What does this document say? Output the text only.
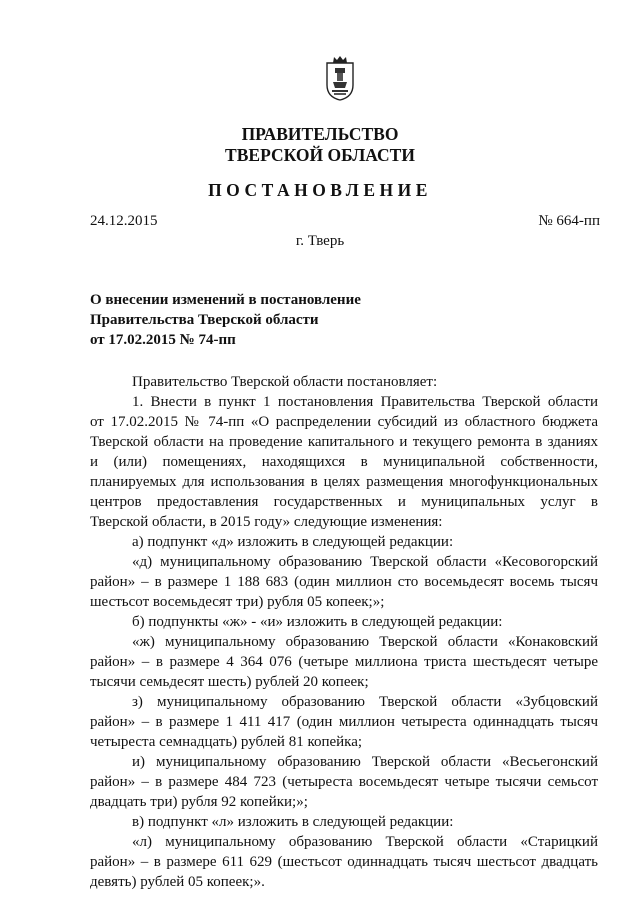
ПРАВИТЕЛЬСТВО
ТВЕРСКОЙ ОБЛАСТИ
ПОСТАНОВЛЕНИЕ
24.12.2015	№ 664-пп
г. Тверь
О внесении изменений в постановление
Правительства Тверской области
от 17.02.2015 № 74-пп
Правительство Тверской области постановляет:
1. Внести в пункт 1 постановления Правительства Тверской области
от 17.02.2015 № 74-пп «О распределении субсидий из областного бюджета
Тверской области на проведение капитального и текущего ремонта в зданиях
и (или) помещениях, находящихся в муниципальной собственности,
планируемых для использования в целях размещения многофункциональных
центров предоставления государственных и муниципальных услуг в
Тверской области, в 2015 году» следующие изменения:
а) подпункт «д» изложить в следующей редакции:
«д) муниципальному образованию Тверской области «Кесовогорский
район» – в размере 1 188 683 (один миллион сто восемьдесят восемь тысяч
шестьсот восемьдесят три) рубля 05 копеек;»;
б) подпункты «ж» - «и» изложить в следующей редакции:
«ж) муниципальному образованию Тверской области «Конаковский
район» – в размере 4 364 076 (четыре миллиона триста шестьдесят четыре
тысячи семьдесят шесть) рублей 20 копеек;
з) муниципальному образованию Тверской области «Зубцовский
район» – в размере 1 411 417 (один миллион четыреста одиннадцать тысяч
четыреста семнадцать) рублей 81 копейка;
и) муниципальному образованию Тверской области «Весьегонский
район» – в размере 484 723 (четыреста восемьдесят четыре тысячи семьсот
двадцать три) рубля 92 копейки;»;
в) подпункт «л» изложить в следующей редакции:
«л) муниципальному образованию Тверской области «Старицкий
район» – в размере 611 629 (шестьсот одиннадцать тысяч шестьсот двадцать
девять) рублей 05 копеек;».
